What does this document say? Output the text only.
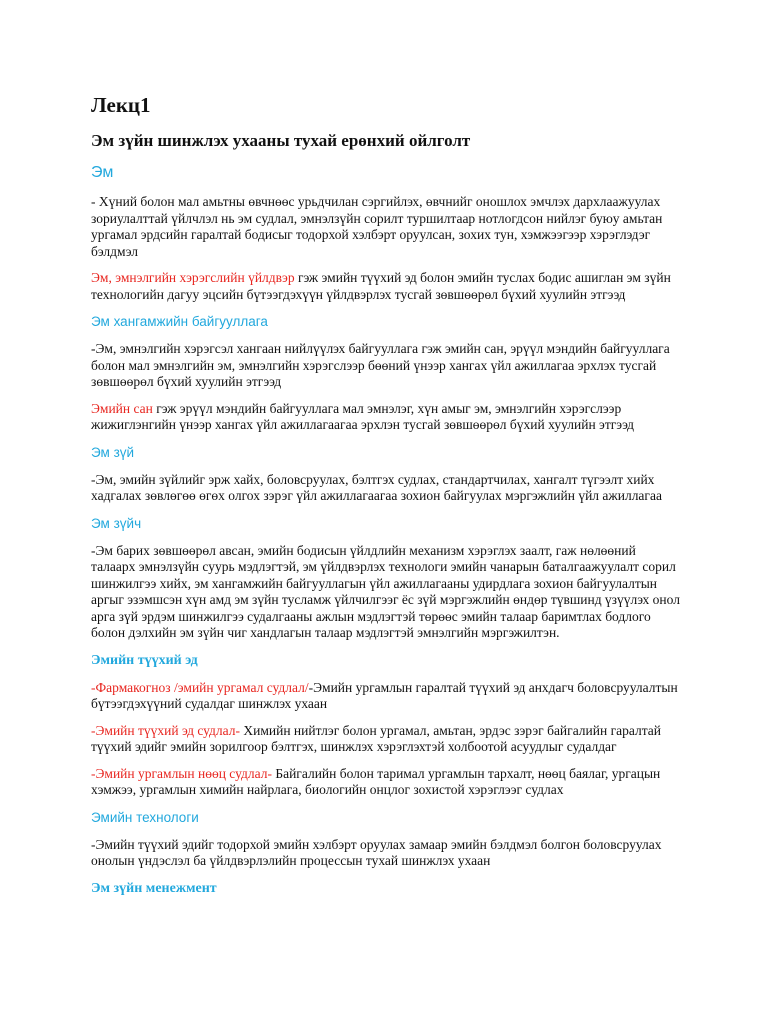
Лекц1
Эм зүйн шинжлэх ухааны тухай ерөнхий ойлголт
Эм

- Хүний болон мал амьтны өвчнөөс урьдчилан сэргийлэх, өвчнийг оношлох эмчлэх дархлаажуулах зориулалттай үйлчлэл нь эм судлал, эмнэлзүйн сорилт туршилтаар нотлогдсон нийлэг буюу амьтан ургамал эрдсийн гаралтай бодисыг тодорхой хэлбэрт оруулсан, зохих тун, хэмжээгээр хэрэглэдэг бэлдмэл

Эм, эмнэлгийн хэрэгслийн үйлдвэр гэж эмийн түүхий эд болон эмийн туслах бодис ашиглан эм зүйн технологийн дагуу эцсийн бүтээгдэхүүн үйлдвэрлэх тусгай зөвшөөрөл бүхий хуулийн этгээд

Эм хангамжийн байгууллага

-Эм, эмнэлгийн хэрэгсэл хангаан нийлүүлэх байгууллага гэж эмийн сан, эрүүл мэндийн байгууллага болон мал эмнэлгийн эм, эмнэлгийн хэрэгслээр бөөний үнээр хангах үйл ажиллагаа эрхлэх тусгай зөвшөөрөл бүхий хуулийн этгээд

Эмийн сан гэж эрүүл мэндийн байгууллага мал эмнэлэг, хүн амыг эм, эмнэлгийн хэрэгслээр жижиглэнгийн үнээр хангах үйл ажиллагаагаа эрхлэн тусгай зөвшөөрөл бүхий хуулийн этгээд

Эм зүй

-Эм, эмийн зүйлийг эрж хайх, боловсруулах, бэлтгэх судлах, стандартчилах, хангалт түгээлт хийх хадгалах зөвлөгөө өгөх олгох зэрэг үйл ажиллагаагаа зохион байгуулах мэргэжлийн үйл ажиллагаа

Эм зүйч

-Эм барих зөвшөөрөл авсан, эмийн бодисын үйлдлийн механизм хэрэглэх заалт, гаж нөлөөний талаарх эмнэлзүйн суурь мэдлэгтэй, эм үйлдвэрлэх технологи эмийн чанарын баталгаажуулалт сорил шинжилгээ хийх, эм хангамжийн байгууллагын үйл ажиллагааны удирдлага зохион байгуулалтын аргыг эзэмшсэн хүн амд эм зүйн тусламж үйлчилгээг ёс зүй мэргэжлийн өндөр түвшинд үзүүлэх онол арга зүй эрдэм шинжилгээ судалгааны ажлын мэдлэгтэй төрөөс эмийн талаар баримтлах бодлого болон дэлхийн эм зүйн чиг хандлагын талаар мэдлэгтэй эмнэлгийн мэргэжилтэн.

Эмийн түүхий эд

-Фармакогноз /эмийн ургамал судлал/-Эмийн ургамлын гаралтай түүхий эд анхдагч боловсруулалтын бүтээгдэхүүний судалдаг шинжлэх ухаан

-Эмийн түүхий эд судлал- Химийн нийтлэг болон ургамал, амьтан, эрдэс зэрэг байгалийн гаралтай түүхий эдийг эмийн зорилгоор бэлтгэх, шинжлэх хэрэглэхтэй холбоотой асуудлыг судалдаг

-Эмийн ургамлын нөөц судлал- Байгалийн болон таримал ургамлын тархалт, нөөц баялаг, ургацын хэмжээ, ургамлын химийн найрлага, биологийн онцлог зохистой хэрэглээг судлах

Эмийн технологи

-Эмийн түүхий эдийг тодорхой эмийн хэлбэрт оруулах замаар эмийн бэлдмэл болгон боловсруулах онолын үндэслэл ба үйлдвэрлэлийн процессын тухай шинжлэх ухаан

Эм зүйн менежмент
